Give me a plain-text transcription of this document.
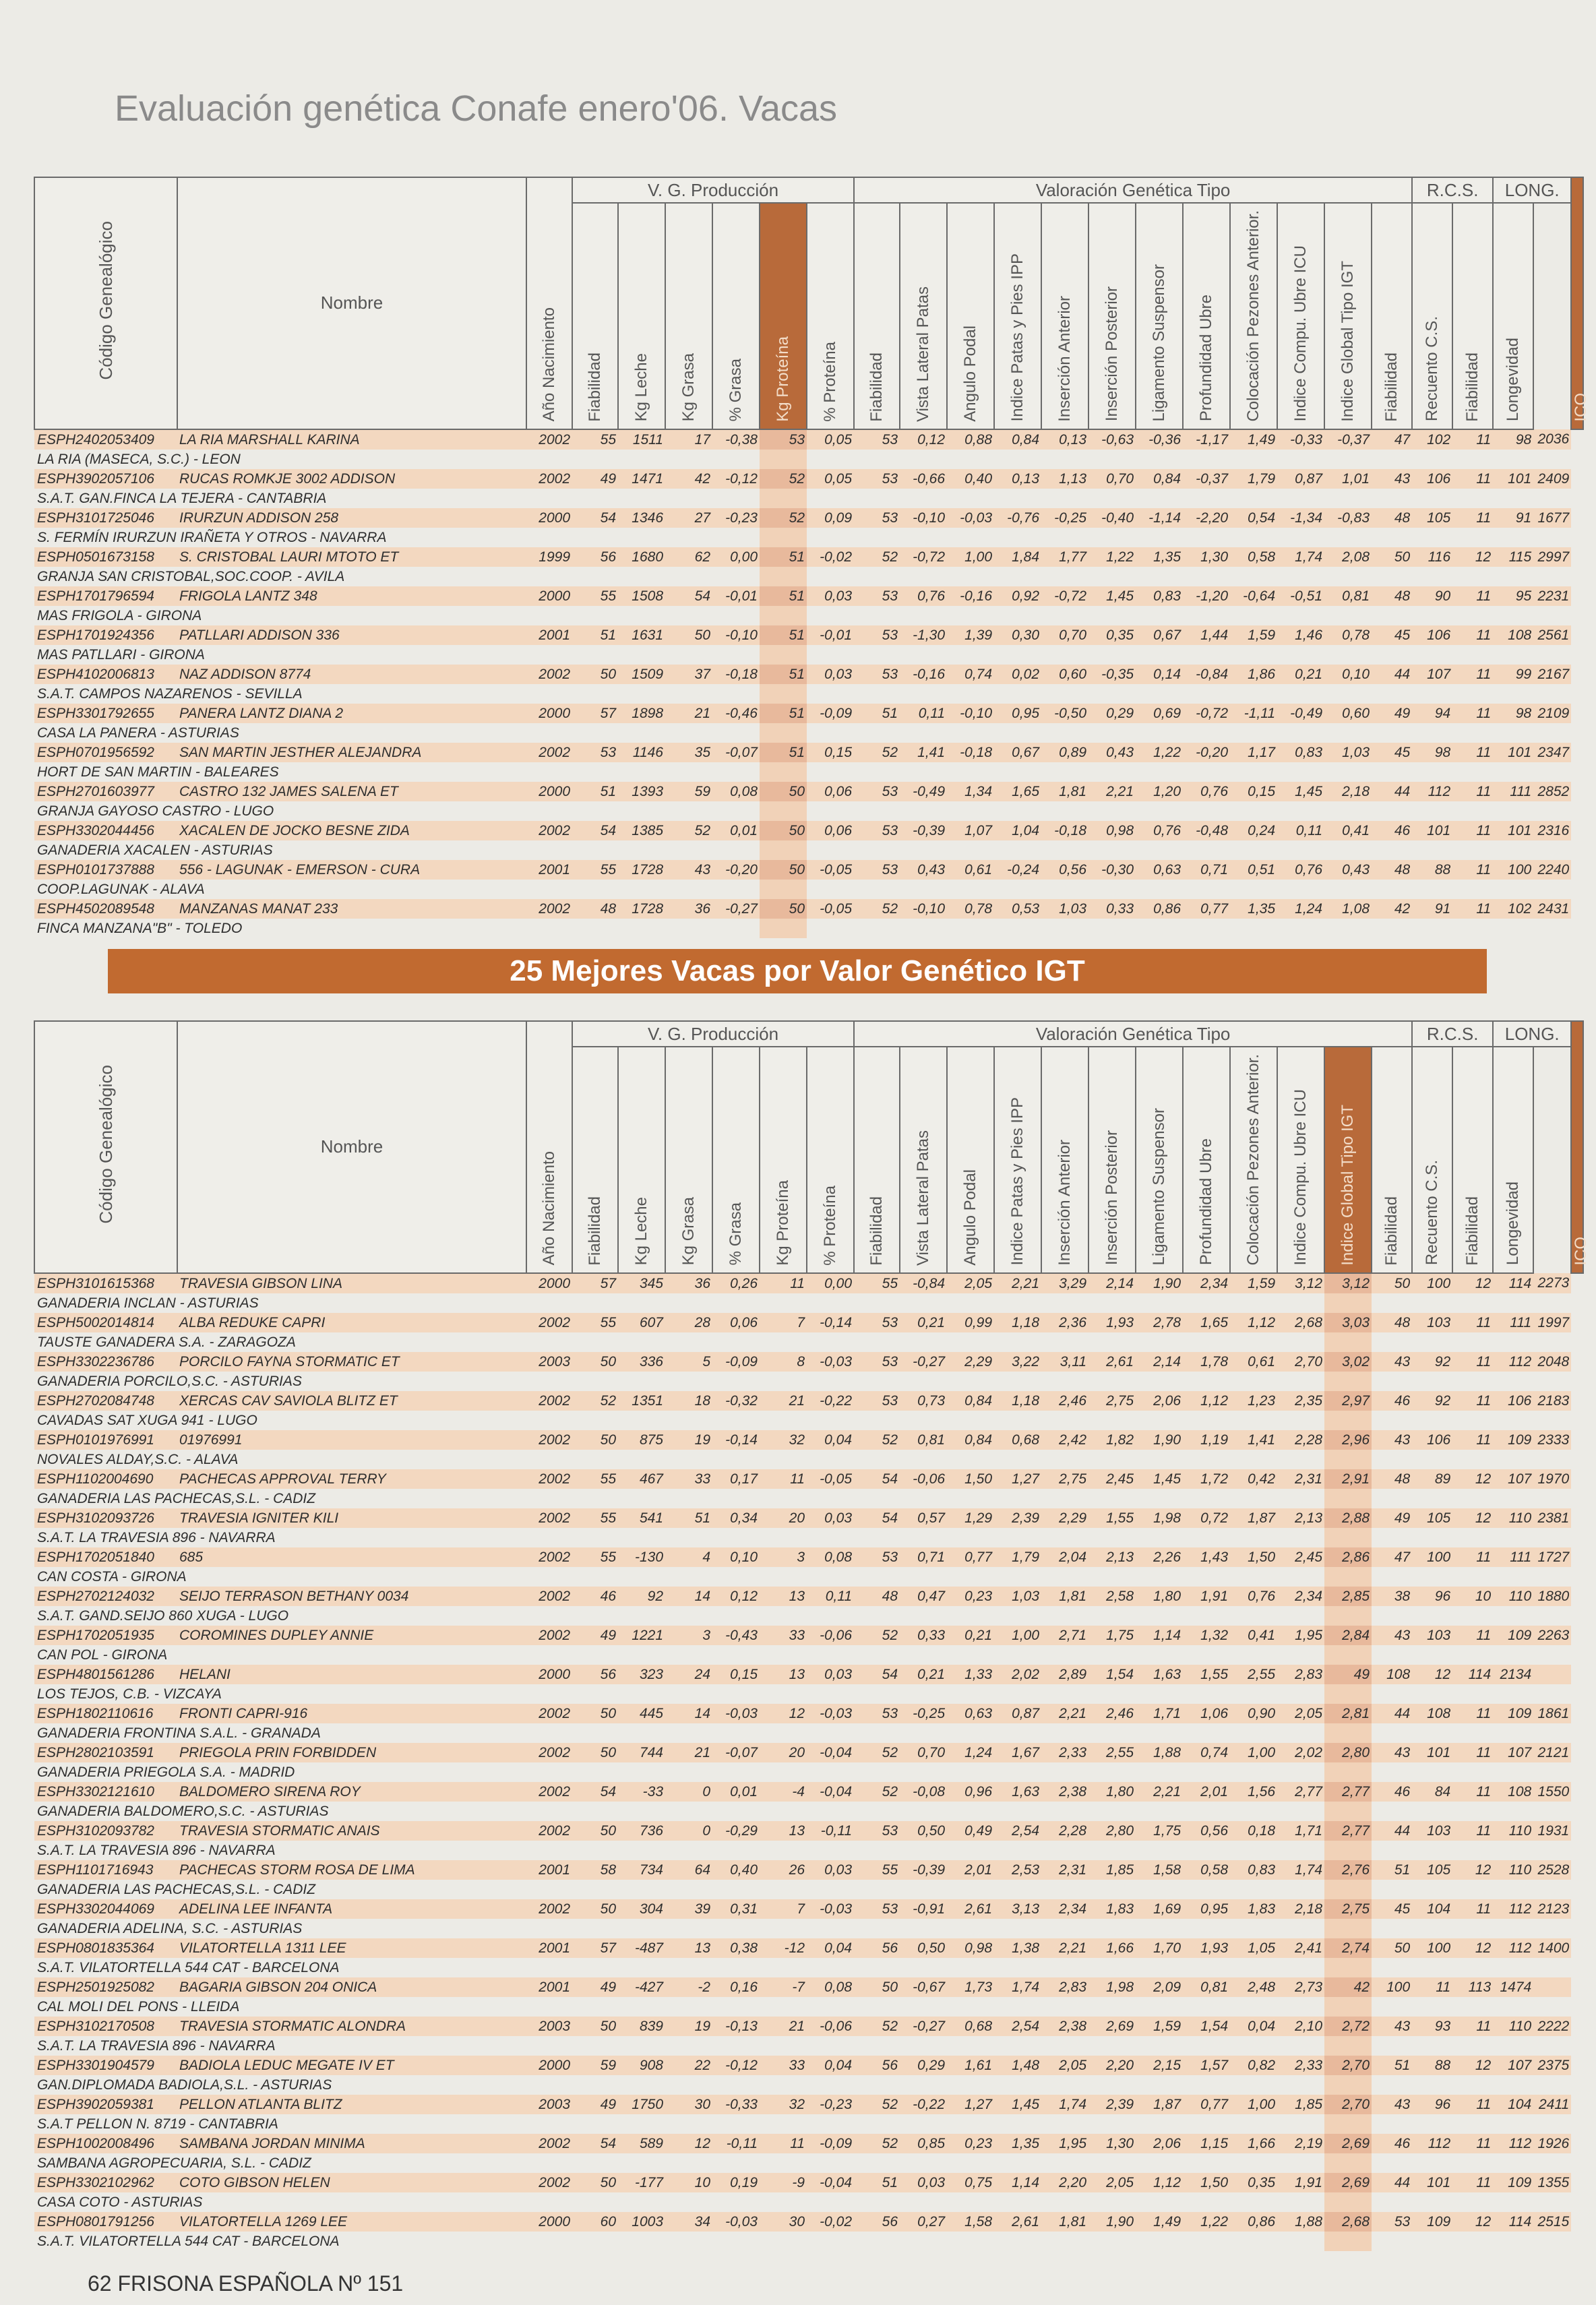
Evaluación genética Conafe enero'06. Vacas
Código Genealógico	Nombre	Año Nacimiento	V. G. Producción						Valoración Genética Tipo												R.C.S.		LONG.		ICO

			Fiabilidad	Kg Leche	Kg Grasa	% Grasa	Kg Proteína	% Proteína	Fiabilidad	Vista Lateral Patas	Angulo Podal	Indice Patas y Pies IPP	Inserción Anterior	Inserción Posterior	Ligamento Suspensor	Profundidad Ubre	Colocación Pezones Anterior.	Indice Compu. Ubre ICU	Indice Global Tipo IGT	Fiabilidad	Recuento C.S.	Fiabilidad	Longevidad		

ESPH2402053409	LA RIA MARSHALL KARINA	2002	55	1511	17	-0,38	53	0,05	53	0,12	0,88	0,84	0,13	-0,63	-0,36	-1,17	1,49	-0,33	-0,37	47	102	11	98	2036	
LA RIA (MASECA, S.C.) - LEON																									
ESPH3902057106	RUCAS ROMKJE 3002 ADDISON	2002	49	1471	42	-0,12	52	0,05	53	-0,66	0,40	0,13	1,13	0,70	0,84	-0,37	1,79	0,87	1,01	43	106	11	101	2409	
S.A.T. GAN.FINCA LA TEJERA - CANTABRIA																									
ESPH3101725046	IRURZUN ADDISON 258	2000	54	1346	27	-0,23	52	0,09	53	-0,10	-0,03	-0,76	-0,25	-0,40	-1,14	-2,20	0,54	-1,34	-0,83	48	105	11	91	1677	
S. FERMÍN IRURZUN IRAÑETA Y OTROS - NAVARRA																									
ESPH0501673158	S. CRISTOBAL LAURI MTOTO ET	1999	56	1680	62	0,00	51	-0,02	52	-0,72	1,00	1,84	1,77	1,22	1,35	1,30	0,58	1,74	2,08	50	116	12	115	2997	
GRANJA SAN CRISTOBAL,SOC.COOP. - AVILA																									
ESPH1701796594	FRIGOLA LANTZ 348	2000	55	1508	54	-0,01	51	0,03	53	0,76	-0,16	0,92	-0,72	1,45	0,83	-1,20	-0,64	-0,51	0,81	48	90	11	95	2231	
MAS FRIGOLA - GIRONA																									
ESPH1701924356	PATLLARI ADDISON 336	2001	51	1631	50	-0,10	51	-0,01	53	-1,30	1,39	0,30	0,70	0,35	0,67	1,44	1,59	1,46	0,78	45	106	11	108	2561	
MAS PATLLARI - GIRONA																									
ESPH4102006813	NAZ ADDISON 8774	2002	50	1509	37	-0,18	51	0,03	53	-0,16	0,74	0,02	0,60	-0,35	0,14	-0,84	1,86	0,21	0,10	44	107	11	99	2167	
S.A.T. CAMPOS NAZARENOS - SEVILLA																									
ESPH3301792655	PANERA LANTZ DIANA 2	2000	57	1898	21	-0,46	51	-0,09	51	0,11	-0,10	0,95	-0,50	0,29	0,69	-0,72	-1,11	-0,49	0,60	49	94	11	98	2109	
CASA LA PANERA - ASTURIAS																									
ESPH0701956592	SAN MARTIN JESTHER ALEJANDRA	2002	53	1146	35	-0,07	51	0,15	52	1,41	-0,18	0,67	0,89	0,43	1,22	-0,20	1,17	0,83	1,03	45	98	11	101	2347	
HORT DE SAN MARTIN - BALEARES																									
ESPH2701603977	CASTRO 132 JAMES SALENA ET	2000	51	1393	59	0,08	50	0,06	53	-0,49	1,34	1,65	1,81	2,21	1,20	0,76	0,15	1,45	2,18	44	112	11	111	2852	
GRANJA GAYOSO CASTRO - LUGO																									
ESPH3302044456	XACALEN DE JOCKO BESNE ZIDA	2002	54	1385	52	0,01	50	0,06	53	-0,39	1,07	1,04	-0,18	0,98	0,76	-0,48	0,24	0,11	0,41	46	101	11	101	2316	
GANADERIA XACALEN - ASTURIAS																									
ESPH0101737888	556 - LAGUNAK - EMERSON - CURA	2001	55	1728	43	-0,20	50	-0,05	53	0,43	0,61	-0,24	0,56	-0,30	0,63	0,71	0,51	0,76	0,43	48	88	11	100	2240	
COOP.LAGUNAK - ALAVA																									
ESPH4502089548	MANZANAS MANAT 233	2002	48	1728	36	-0,27	50	-0,05	52	-0,10	0,78	0,53	1,03	0,33	0,86	0,77	1,35	1,24	1,08	42	91	11	102	2431	
FINCA MANZANA"B" - TOLEDO																									
25 Mejores Vacas por Valor Genético IGT
Código Genealógico	Nombre	Año Nacimiento	V. G. Producción						Valoración Genética Tipo												R.C.S.		LONG.		ICO

			Fiabilidad	Kg Leche	Kg Grasa	% Grasa	Kg Proteína	% Proteína	Fiabilidad	Vista Lateral Patas	Angulo Podal	Indice Patas y Pies IPP	Inserción Anterior	Inserción Posterior	Ligamento Suspensor	Profundidad Ubre	Colocación Pezones Anterior.	Indice Compu. Ubre ICU	Indice Global Tipo IGT	Fiabilidad	Recuento C.S.	Fiabilidad	Longevidad		

ESPH3101615368	TRAVESIA GIBSON LINA	2000	57	345	36	0,26	11	0,00	55	-0,84	2,05	2,21	3,29	2,14	1,90	2,34	1,59	3,12	3,12	50	100	12	114	2273	
GANADERIA INCLAN - ASTURIAS																									
ESPH5002014814	ALBA REDUKE CAPRI	2002	55	607	28	0,06	7	-0,14	53	0,21	0,99	1,18	2,36	1,93	2,78	1,65	1,12	2,68	3,03	48	103	11	111	1997	
TAUSTE GANADERA S.A. - ZARAGOZA																									
ESPH3302236786	PORCILO FAYNA STORMATIC ET	2003	50	336	5	-0,09	8	-0,03	53	-0,27	2,29	3,22	3,11	2,61	2,14	1,78	0,61	2,70	3,02	43	92	11	112	2048	
GANADERIA PORCILO,S.C. - ASTURIAS																									
ESPH2702084748	XERCAS CAV SAVIOLA BLITZ ET	2002	52	1351	18	-0,32	21	-0,22	53	0,73	0,84	1,18	2,46	2,75	2,06	1,12	1,23	2,35	2,97	46	92	11	106	2183	
CAVADAS SAT XUGA 941 - LUGO																									
ESPH0101976991	01976991	2002	50	875	19	-0,14	32	0,04	52	0,81	0,84	0,68	2,42	1,82	1,90	1,19	1,41	2,28	2,96	43	106	11	109	2333	
NOVALES ALDAY,S.C. - ALAVA																									
ESPH1102004690	PACHECAS APPROVAL TERRY	2002	55	467	33	0,17	11	-0,05	54	-0,06	1,50	1,27	2,75	2,45	1,45	1,72	0,42	2,31	2,91	48	89	12	107	1970	
GANADERIA LAS PACHECAS,S.L. - CADIZ																									
ESPH3102093726	TRAVESIA IGNITER KILI	2002	55	541	51	0,34	20	0,03	54	0,57	1,29	2,39	2,29	1,55	1,98	0,72	1,87	2,13	2,88	49	105	12	110	2381	
S.A.T. LA TRAVESIA 896 - NAVARRA																									
ESPH1702051840	685	2002	55	-130	4	0,10	3	0,08	53	0,71	0,77	1,79	2,04	2,13	2,26	1,43	1,50	2,45	2,86	47	100	11	111	1727	
CAN COSTA - GIRONA																									
ESPH2702124032	SEIJO TERRASON BETHANY 0034	2002	46	92	14	0,12	13	0,11	48	0,47	0,23	1,03	1,81	2,58	1,80	1,91	0,76	2,34	2,85	38	96	10	110	1880	
S.A.T. GAND.SEIJO 860 XUGA - LUGO																									
ESPH1702051935	COROMINES DUPLEY ANNIE	2002	49	1221	3	-0,43	33	-0,06	52	0,33	0,21	1,00	2,71	1,75	1,14	1,32	0,41	1,95	2,84	43	103	11	109	2263	
CAN POL - GIRONA																									
ESPH4801561286	HELANI	2000	56	323	24	0,15	13	0,03	54	0,21	1,33	2,02	2,89	1,54	1,63	1,55	2,55	2,83	49	108	12	114	2134		
LOS TEJOS, C.B. - VIZCAYA																									
ESPH1802110616	FRONTI CAPRI-916	2002	50	445	14	-0,03	12	-0,03	53	-0,25	0,63	0,87	2,21	2,46	1,71	1,06	0,90	2,05	2,81	44	108	11	109	1861	
GANADERIA FRONTINA S.A.L. - GRANADA																									
ESPH2802103591	PRIEGOLA PRIN FORBIDDEN	2002	50	744	21	-0,07	20	-0,04	52	0,70	1,24	1,67	2,33	2,55	1,88	0,74	1,00	2,02	2,80	43	101	11	107	2121	
GANADERIA PRIEGOLA S.A. - MADRID																									
ESPH3302121610	BALDOMERO SIRENA ROY	2002	54	-33	0	0,01	-4	-0,04	52	-0,08	0,96	1,63	2,38	1,80	2,21	2,01	1,56	2,77	2,77	46	84	11	108	1550	
GANADERIA BALDOMERO,S.C. - ASTURIAS																									
ESPH3102093782	TRAVESIA STORMATIC ANAIS	2002	50	736	0	-0,29	13	-0,11	53	0,50	0,49	2,54	2,28	2,80	1,75	0,56	0,18	1,71	2,77	44	103	11	110	1931	
S.A.T. LA TRAVESIA 896 - NAVARRA																									
ESPH1101716943	PACHECAS STORM ROSA DE LIMA	2001	58	734	64	0,40	26	0,03	55	-0,39	2,01	2,53	2,31	1,85	1,58	0,58	0,83	1,74	2,76	51	105	12	110	2528	
GANADERIA LAS PACHECAS,S.L. - CADIZ																									
ESPH3302044069	ADELINA LEE INFANTA	2002	50	304	39	0,31	7	-0,03	53	-0,91	2,61	3,13	2,34	1,83	1,69	0,95	1,83	2,18	2,75	45	104	11	112	2123	
GANADERIA ADELINA, S.C. - ASTURIAS																									
ESPH0801835364	VILATORTELLA 1311 LEE	2001	57	-487	13	0,38	-12	0,04	56	0,50	0,98	1,38	2,21	1,66	1,70	1,93	1,05	2,41	2,74	50	100	12	112	1400	
S.A.T. VILATORTELLA 544 CAT - BARCELONA																									
ESPH2501925082	BAGARIA GIBSON 204 ONICA	2001	49	-427	-2	0,16	-7	0,08	50	-0,67	1,73	1,74	2,83	1,98	2,09	0,81	2,48	2,73	42	100	11	113	1474		
CAL MOLI DEL PONS - LLEIDA																									
ESPH3102170508	TRAVESIA STORMATIC ALONDRA	2003	50	839	19	-0,13	21	-0,06	52	-0,27	0,68	2,54	2,38	2,69	1,59	1,54	0,04	2,10	2,72	43	93	11	110	2222	
S.A.T. LA TRAVESIA 896 - NAVARRA																									
ESPH3301904579	BADIOLA LEDUC MEGATE IV ET	2000	59	908	22	-0,12	33	0,04	56	0,29	1,61	1,48	2,05	2,20	2,15	1,57	0,82	2,33	2,70	51	88	12	107	2375	
GAN.DIPLOMADA BADIOLA,S.L. - ASTURIAS																									
ESPH3902059381	PELLON ATLANTA BLITZ	2003	49	1750	30	-0,33	32	-0,23	52	-0,22	1,27	1,45	1,74	2,39	1,87	0,77	1,00	1,85	2,70	43	96	11	104	2411	
S.A.T PELLON N. 8719 - CANTABRIA																									
ESPH1002008496	SAMBANA JORDAN MINIMA	2002	54	589	12	-0,11	11	-0,09	52	0,85	0,23	1,35	1,95	1,30	2,06	1,15	1,66	2,19	2,69	46	112	11	112	1926	
SAMBANA AGROPECUARIA, S.L. - CADIZ																									
ESPH3302102962	COTO GIBSON HELEN	2002	50	-177	10	0,19	-9	-0,04	51	0,03	0,75	1,14	2,20	2,05	1,12	1,50	0,35	1,91	2,69	44	101	11	109	1355	
CASA COTO - ASTURIAS																									
ESPH0801791256	VILATORTELLA 1269 LEE	2000	60	1003	34	-0,03	30	-0,02	56	0,27	1,58	2,61	1,81	1,90	1,49	1,22	0,86	1,88	2,68	53	109	12	114	2515	
S.A.T. VILATORTELLA 544 CAT - BARCELONA																									
62 FRISONA ESPAÑOLA Nº 151
